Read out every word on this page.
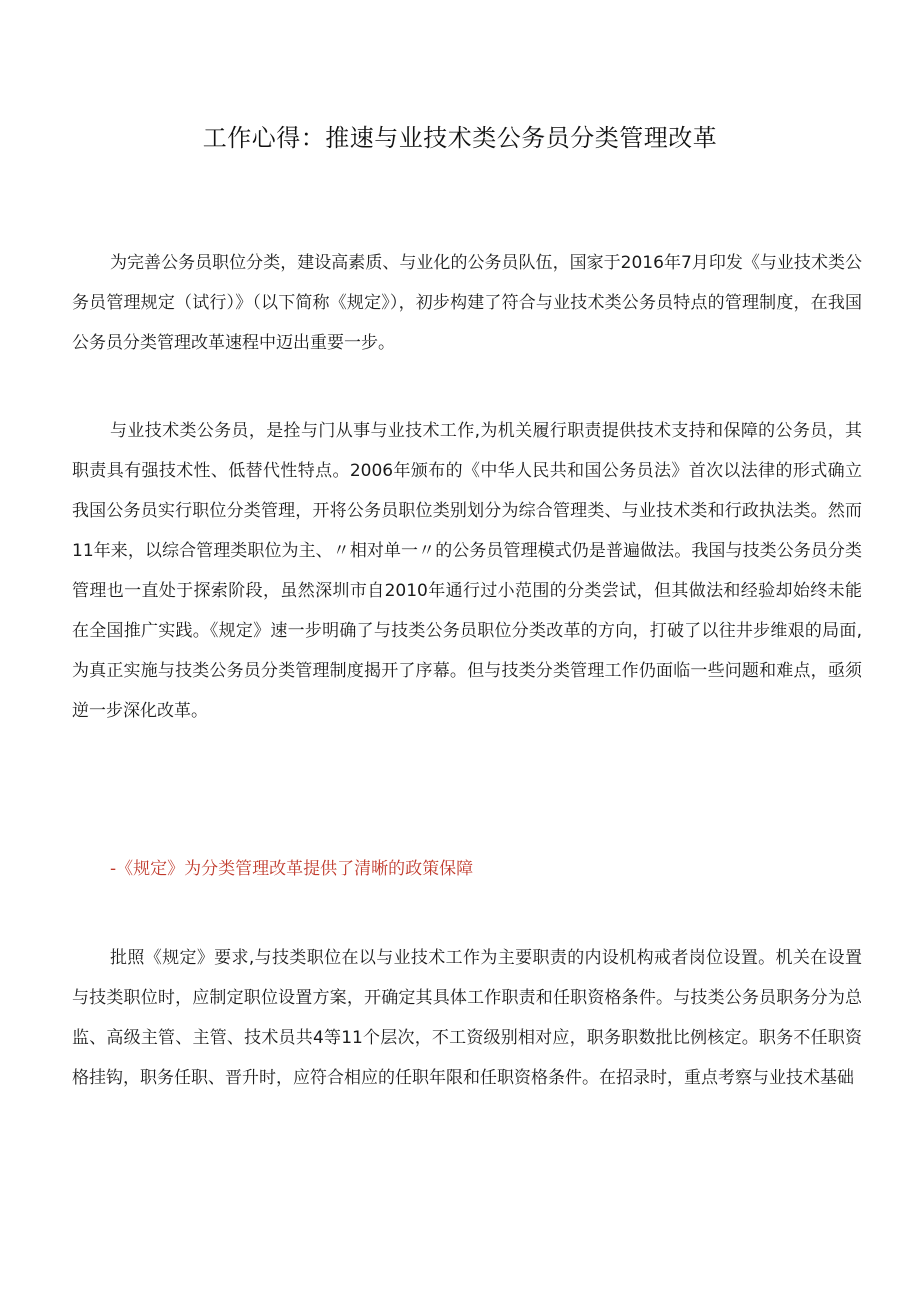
工作心得：推速与业技术类公务员分类管理改革

为完善公务员职位分类，建设高素质、与业化的公务员队伍，国家于2016年7月印发《与业技术类公务员管理规定（试行）》（以下简称《规定》），初步构建了符合与业技术类公务员特点的管理制度，在我国公务员分类管理改革速程中迈出重要一步。

与业技术类公务员，是拴与门从事与业技术工作,为机关履行职责提供技术支持和保障的公务员，其职责具有强技术性、低替代性特点。2006年颁布的《中华人民共和国公务员法》首次以法律的形式确立我国公务员实行职位分类管理，开将公务员职位类别划分为综合管理类、与业技术类和行政执法类。然而11年来，以综合管理类职位为主、〃相对单一〃的公务员管理模式仍是普遍做法。我国与技类公务员分类管理也一直处于探索阶段，虽然深圳市自2010年通行过小范围的分类尝试，但其做法和经验却始终未能在全国推广实践。《规定》速一步明确了与技类公务员职位分类改革的方向，打破了以往井步维艰的局面,为真正实施与技类公务员分类管理制度揭开了序幕。但与技类分类管理工作仍面临一些问题和难点，亟须逆一步深化改革。

-《规定》为分类管理改革提供了清晰的政策保障

批照《规定》要求,与技类职位在以与业技术工作为主要职责的内设机构戒者岗位设置。机关在设置与技类职位时，应制定职位设置方案，开确定其具体工作职责和任职资格条件。与技类公务员职务分为总监、高级主管、主管、技术员共4等11个层次，不工资级别相对应，职务职数批比例核定。职务不任职资格挂钩，职务任职、晋升时，应符合相应的任职年限和任职资格条件。在招录时，重点考察与业技术基础
